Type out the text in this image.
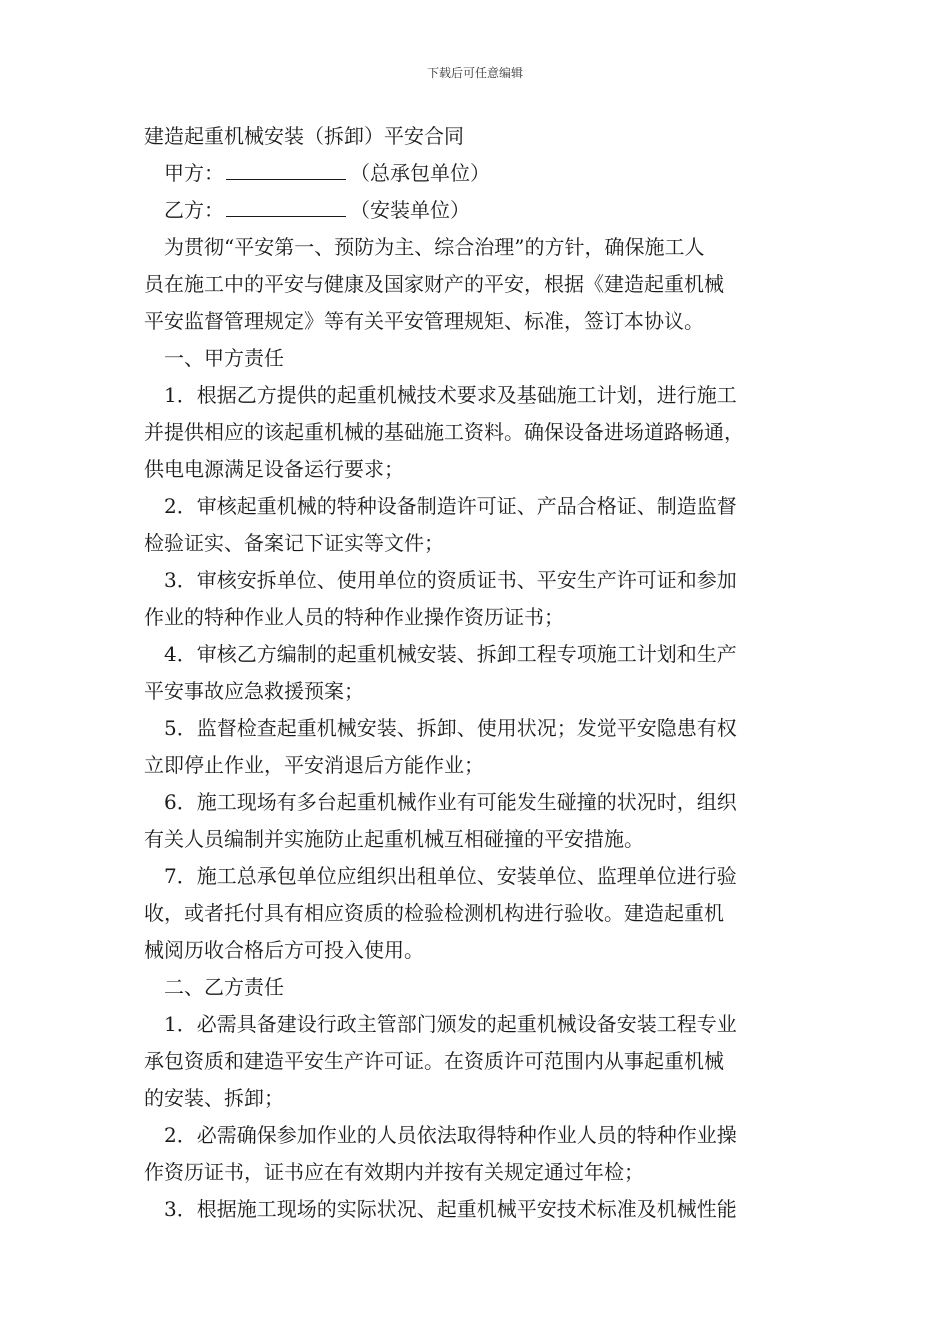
下载后可任意编辑

建造起重机械安装（拆卸）平安合同

甲方：	（总承包单位）

乙方：	（安装单位）

为贯彻“平安第一、预防为主、综合治理”的方针，确保施工人

员在施工中的平安与健康及国家财产的平安，根据《建造起重机械

平安监督管理规定》等有关平安管理规矩、标准，签订本协议。

一、甲方责任

1．根据乙方提供的起重机械技术要求及基础施工计划，进行施工

并提供相应的该起重机械的基础施工资料。确保设备进场道路畅通，

供电电源满足设备运行要求；

2．审核起重机械的特种设备制造许可证、产品合格证、制造监督

检验证实、备案记下证实等文件；

3．审核安拆单位、使用单位的资质证书、平安生产许可证和参加

作业的特种作业人员的特种作业操作资历证书；

4．审核乙方编制的起重机械安装、拆卸工程专项施工计划和生产

平安事故应急救援预案；

5．监督检查起重机械安装、拆卸、使用状况；发觉平安隐患有权

立即停止作业，平安消退后方能作业；

6．施工现场有多台起重机械作业有可能发生碰撞的状况时，组织

有关人员编制并实施防止起重机械互相碰撞的平安措施。

7．施工总承包单位应组织出租单位、安装单位、监理单位进行验

收，或者托付具有相应资质的检验检测机构进行验收。建造起重机

械阅历收合格后方可投入使用。

二、乙方责任

1．必需具备建设行政主管部门颁发的起重机械设备安装工程专业

承包资质和建造平安生产许可证。在资质许可范围内从事起重机械

的安装、拆卸；

2．必需确保参加作业的人员依法取得特种作业人员的特种作业操

作资历证书，证书应在有效期内并按有关规定通过年检；

3．根据施工现场的实际状况、起重机械平安技术标准及机械性能
